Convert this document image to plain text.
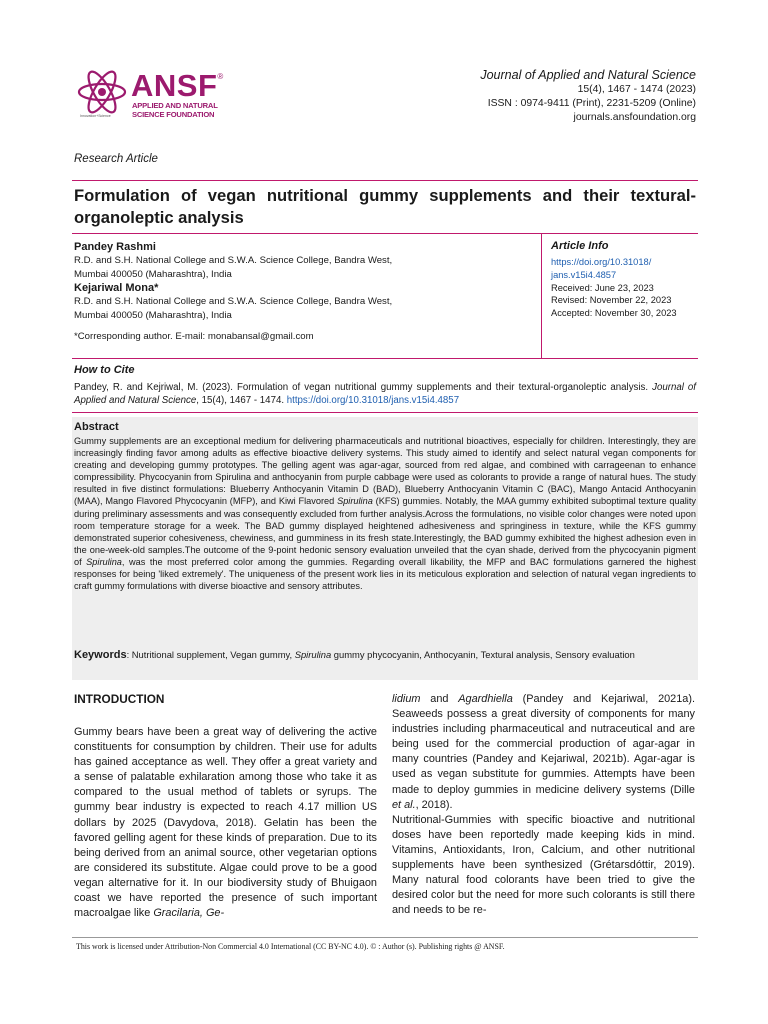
ANSF®
APPLIED AND NATURAL
SCIENCE FOUNDATION
Innovation+Science
Journal of Applied and Natural Science
15(4), 1467 - 1474 (2023)
ISSN : 0974-9411 (Print), 2231-5209 (Online)
journals.ansfoundation.org
Research Article
Formulation of vegan nutritional gummy supplements and their textural-organoleptic analysis
Pandey Rashmi
R.D. and S.H. National College and S.W.A. Science College, Bandra West,
Mumbai 400050 (Maharashtra), India
Kejariwal Mona*
R.D. and S.H. National College and S.W.A. Science College, Bandra West,
Mumbai 400050 (Maharashtra), India
*Corresponding author. E-mail: monabansal@gmail.com
Article Info
https://doi.org/10.31018/
jans.v15i4.4857
Received: June 23, 2023
Revised: November 22, 2023
Accepted: November 30, 2023
How to Cite
Pandey, R. and Kejriwal, M. (2023). Formulation of vegan nutritional gummy supplements and their textural-organoleptic analysis. Journal of Applied and Natural Science, 15(4), 1467 - 1474. https://doi.org/10.31018/jans.v15i4.4857
Abstract
Gummy supplements are an exceptional medium for delivering pharmaceuticals and nutritional bioactives, especially for children. Interestingly, they are increasingly finding favor among adults as effective bioactive delivery systems. This study aimed to identify and select natural vegan components for creating and developing gummy prototypes. The gelling agent was agar-agar, sourced from red algae, and combined with carrageenan to enhance compressibility. Phycocyanin from Spirulina and anthocyanin from purple cabbage were used as colorants to provide a range of natural hues. The study resulted in five distinct formulations: Blueberry Anthocyanin Vitamin D (BAD), Blueberry Anthocyanin Vitamin C (BAC), Mango Antacid Anthocyanin (MAA), Mango Flavored Phycocyanin (MFP), and Kiwi Flavored Spirulina (KFS) gummies. Notably, the MAA gummy exhibited suboptimal texture quality during preliminary assessments and was consequently excluded from further analysis.Across the formulations, no visible color changes were noted upon room temperature storage for a week. The BAD gummy displayed heightened adhesiveness and springiness in texture, while the KFS gummy demonstrated superior cohesiveness, chewiness, and gumminess in its fresh state.Interestingly, the BAD gummy exhibited the highest adhesion even in the one-week-old samples.The outcome of the 9-point hedonic sensory evaluation unveiled that the cyan shade, derived from the phycocyanin pigment of Spirulina, was the most preferred color among the gummies. Regarding overall likability, the MFP and BAC formulations garnered the highest responses for being 'liked extremely'. The uniqueness of the present work lies in its meticulous exploration and selection of natural vegan ingredients to craft gummy formulations with diverse bioactive and sensory attributes.
Keywords: Nutritional supplement, Vegan gummy, Spirulina gummy phycocyanin, Anthocyanin, Textural analysis, Sensory evaluation
INTRODUCTION

Gummy bears have been a great way of delivering the active constituents for consumption by children. Their use for adults has gained acceptance as well. They offer a great variety and a sense of palatable exhilaration among those who take it as compared to the usual method of tablets or syrups. The gummy bear industry is expected to reach 4.17 million US dollars by 2025 (Davydova, 2018). Gelatin has been the favored gelling agent for these kinds of preparation. Due to its being derived from an animal source, other vegetarian options are considered its substitute. Algae could prove to be a good vegan alternative for it. In our biodiversity study of Bhuigaon coast we have reported the presence of such important macroalgae like Gracilaria, Ge-

lidium and Agardhiella (Pandey and Kejariwal, 2021a). Seaweeds possess a great diversity of components for many industries including pharmaceutical and nutraceutical and are being used for the commercial production of agar-agar in many countries (Pandey and Kejariwal, 2021b). Agar-agar is used as vegan substitute for gummies. Attempts have been made to deploy gummies in medicine delivery systems (Dille et al., 2018).

Nutritional-Gummies with specific bioactive and nutritional doses have been reportedly made keeping kids in mind. Vitamins, Antioxidants, Iron, Calcium, and other nutritional supplements have been synthesized (Grétarsdóttir, 2019). Many natural food colorants have been tried to give the desired color but the need for more such colorants is still there and needs to be re-

This work is licensed under Attribution-Non Commercial 4.0 International (CC BY-NC 4.0). © : Author (s). Publishing rights @ ANSF.
